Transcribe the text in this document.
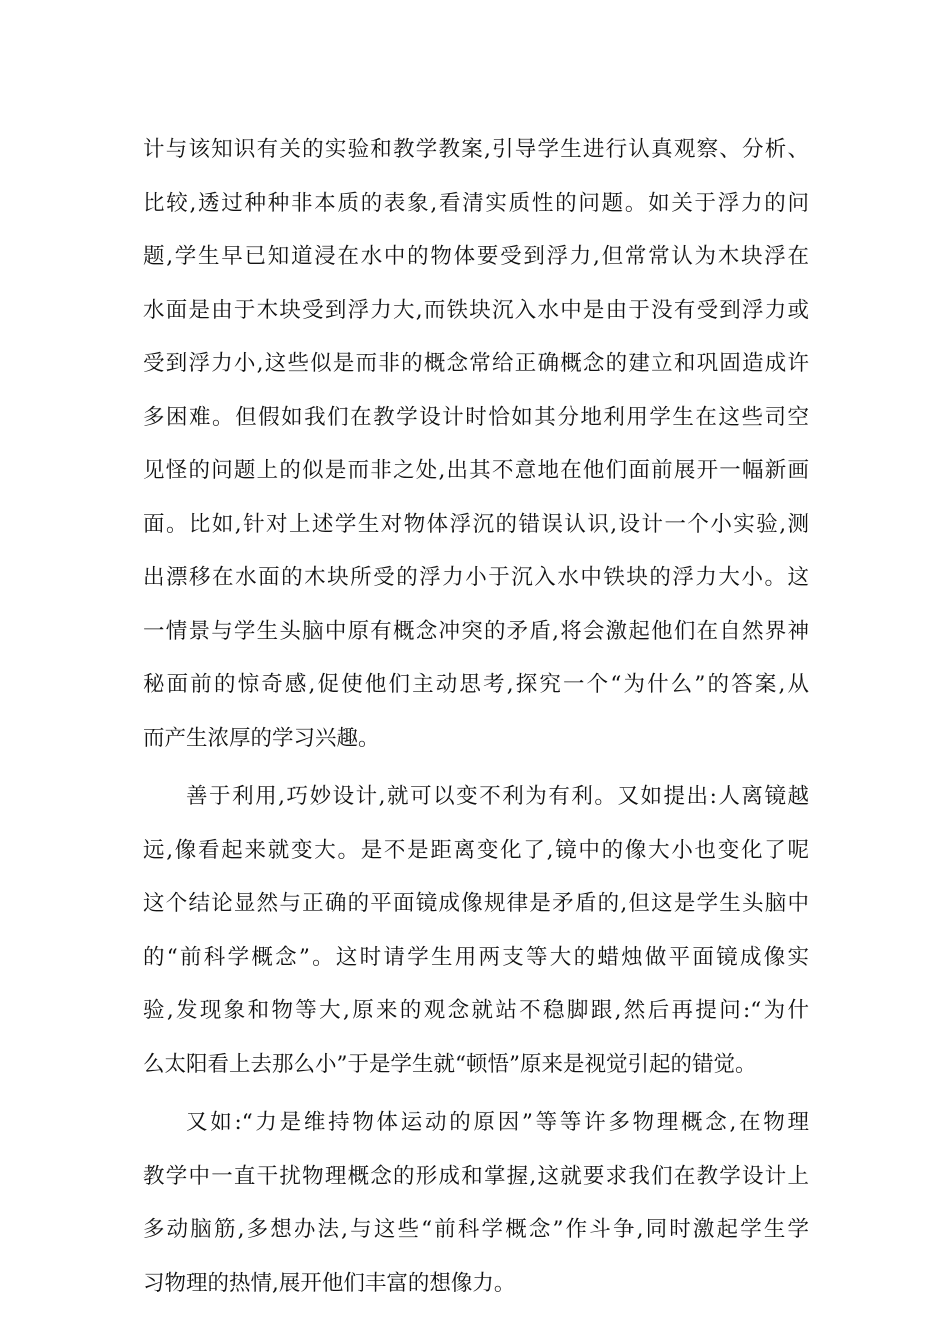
计与该知识有关的实验和教学教案,引导学生进行认真观察、分析、
比较,透过种种非本质的表象,看清实质性的问题。如关于浮力的问
题,学生早已知道浸在水中的物体要受到浮力,但常常认为木块浮在
水面是由于木块受到浮力大,而铁块沉入水中是由于没有受到浮力或
受到浮力小,这些似是而非的概念常给正确概念的建立和巩固造成许
多困难。但假如我们在教学设计时恰如其分地利用学生在这些司空
见怪的问题上的似是而非之处,出其不意地在他们面前展开一幅新画
面。比如,针对上述学生对物体浮沉的错误认识,设计一个小实验,测
出漂移在水面的木块所受的浮力小于沉入水中铁块的浮力大小。这
一情景与学生头脑中原有概念冲突的矛盾,将会激起他们在自然界神
秘面前的惊奇感,促使他们主动思考,探究一个“为什么”的答案,从
而产生浓厚的学习兴趣。
善于利用,巧妙设计,就可以变不利为有利。又如提出:人离镜越
远,像看起来就变大。是不是距离变化了,镜中的像大小也变化了呢
这个结论显然与正确的平面镜成像规律是矛盾的,但这是学生头脑中
的“前科学概念”。这时请学生用两支等大的蜡烛做平面镜成像实
验,发现象和物等大,原来的观念就站不稳脚跟,然后再提问:“为什
么太阳看上去那么小”于是学生就“顿悟”原来是视觉引起的错觉。
又如:“力是维持物体运动的原因”等等许多物理概念,在物理
教学中一直干扰物理概念的形成和掌握,这就要求我们在教学设计上
多动脑筋,多想办法,与这些“前科学概念”作斗争,同时激起学生学
习物理的热情,展开他们丰富的想像力。
